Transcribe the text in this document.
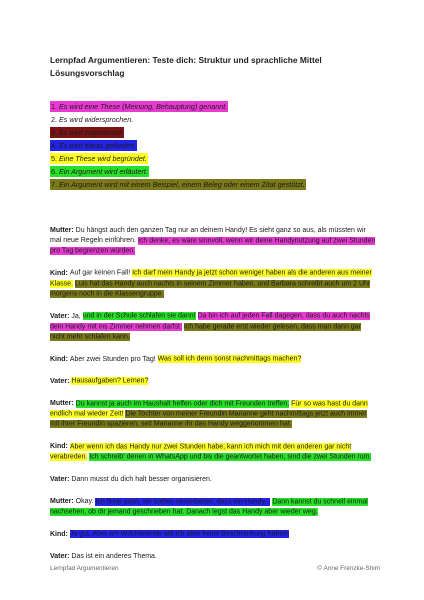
Lernpfad Argumentieren: Teste dich: Struktur und sprachliche Mittel
Lösungsvorschlag
1. Es wird eine These (Meinung, Behauptung) genannt.
2. Es wird widersprochen.
3. Es wird zugestimmt.
4. Es wird etwas gefordert.
5. Eine These wird begründet.
6. Ein Argument wird erläutert.
7. Ein Argument wird mit einem Beispiel, einem Beleg oder einem Zitat gestützt.
Mutter: Du hängst auch den ganzen Tag nur an deinem Handy! Es sieht ganz so aus, als müssten wir mal neue Regeln einführen. Ich denke, es wäre sinnvoll, wenn wir deine Handynutzung auf zwei Stunden pro Tag begrenzen würden.
Kind: Auf gar keinen Fall! Ich darf mein Handy ja jetzt schon weniger haben als die anderen aus meiner Klasse. Luis hat das Handy auch nachts in seinem Zimmer haben, und Barbara schreibt auch um 2 Uhr morgens noch in die Klassengruppe.
Vater: Ja, und in der Schule schlafen sie dann! Da bin ich auf jeden Fall dagegen, dass du auch nachts dein Handy mit ins Zimmer nehmen darfst. Ich habe gerade erst wieder gelesen, dass man dann gar nicht mehr schlafen kann.
Kind: Aber zwei Stunden pro Tag! Was soll ich denn sonst nachmittags machen?
Vater: Hausaufgaben? Lernen?
Mutter: Du kannst ja auch im Haushalt helfen oder dich mit Freunden treffen. Für so was hast du dann endlich mal wieder Zeit! Die Tochter von meiner Freundin Marianne geht nachmittags jetzt auch immer mit ihrer Freundin spazieren, seit Marianne ihr das Handy weggenommen hat.
Kind: Aber wenn ich das Handy nur zwei Stunden habe, kann ich mich mit den anderen gar nicht verabreden. Ich schreib‘ denen in WhatsApp und bis die geantwortet haben, sind die zwei Stunden rum.
Vater: Dann musst du dich halt besser organisieren.
Mutter: Okay. Ich finde auch, wir sollten vereinbaren, dass ein Handy... Dann kannst du schnell einmal nachsehen, ob dir jemand geschrieben hat. Danach legst das Handy aber wieder weg.
Kind: Ja gut. Aber am Wochenende will ich aber keine Beschränkung haben.
Vater: Das ist ein anderes Thema.
Lernpfad Argumentieren	© Anne Frenzke-Shim
